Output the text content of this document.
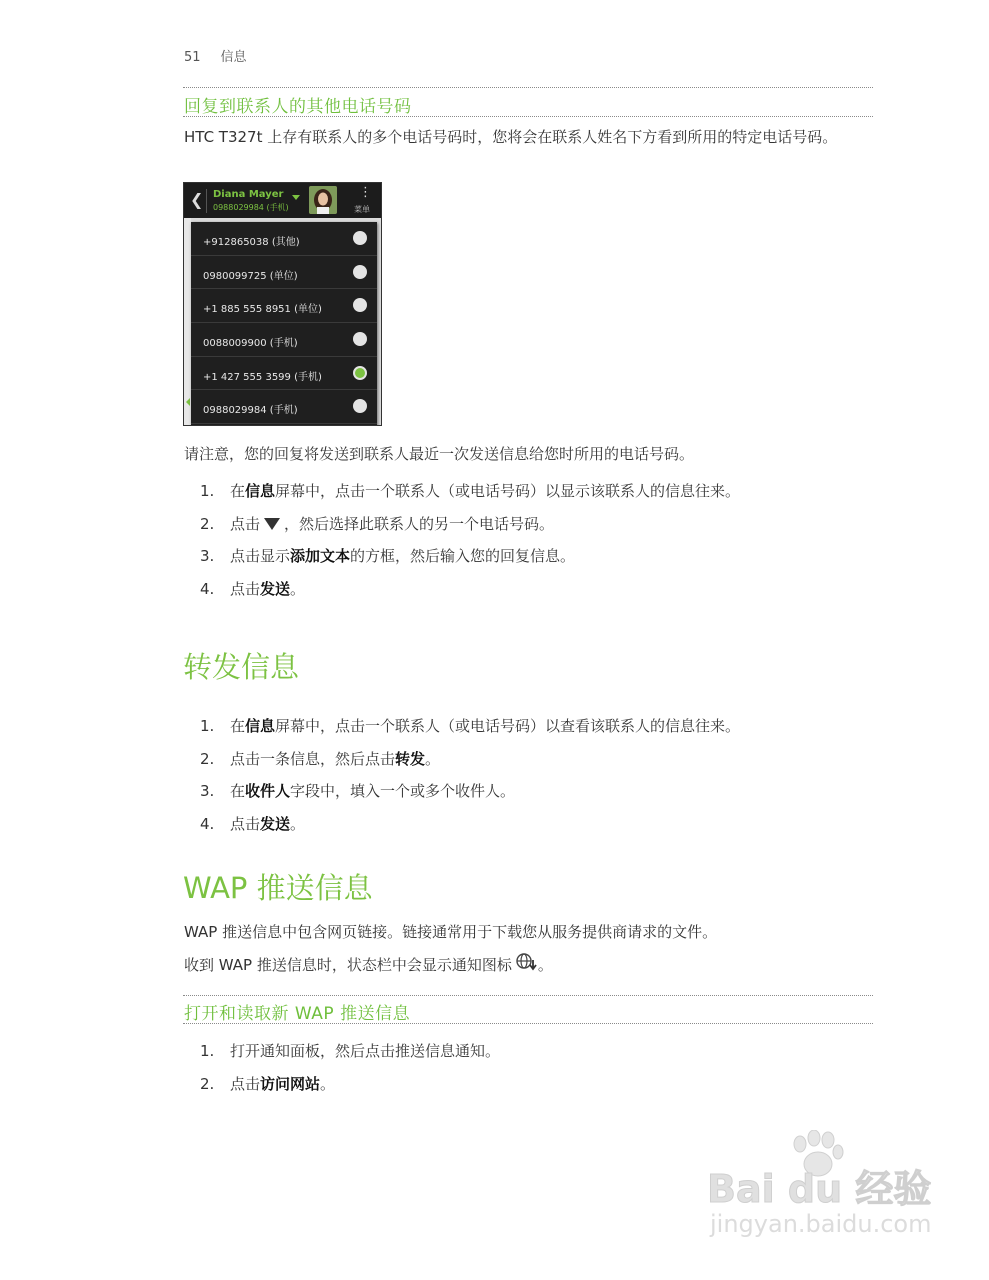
51 信息
回复到联系人的其他电话号码
HTC T327t 上存有联系人的多个电话号码时，您将会在联系人姓名下方看到所用的特定电话号码。
❮ Diana Mayer
0988029984 (手机)
⋮
菜单
+912865038 (其他)
0980099725 (单位)
+1 885 555 8951 (单位)
0088009900 (手机)
+1 427 555 3599 (手机)
0988029984 (手机)
请注意，您的回复将发送到联系人最近一次发送信息给您时所用的电话号码。
1. 在信息屏幕中，点击一个联系人（或电话号码）以显示该联系人的信息往来。
2. 点击 ，然后选择此联系人的另一个电话号码。
3. 点击显示添加文本的方框，然后输入您的回复信息。
4. 点击发送。
转发信息
1. 在信息屏幕中，点击一个联系人（或电话号码）以查看该联系人的信息往来。
2. 点击一条信息，然后点击转发。
3. 在收件人字段中，填入一个或多个收件人。
4. 点击发送。
WAP 推送信息
WAP 推送信息中包含网页链接。链接通常用于下载您从服务提供商请求的文件。
收到 WAP 推送信息时，状态栏中会显示通知图标 。
打开和读取新 WAP 推送信息
1. 打开通知面板，然后点击推送信息通知。
2. 点击访问网站。
Bai du 经验
jingyan.baidu.com
